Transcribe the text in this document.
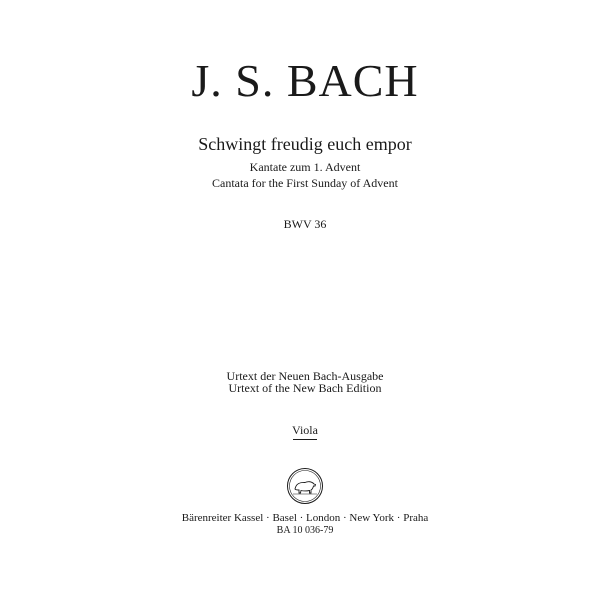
J. S. BACH
Schwingt freudig euch empor
Kantate zum 1. Advent
Cantata for the First Sunday of Advent
BWV 36
Urtext der Neuen Bach-Ausgabe
Urtext of the New Bach Edition
Viola
Bärenreiter Kassel · Basel · London · New York · Praha
BA 10 036-79
